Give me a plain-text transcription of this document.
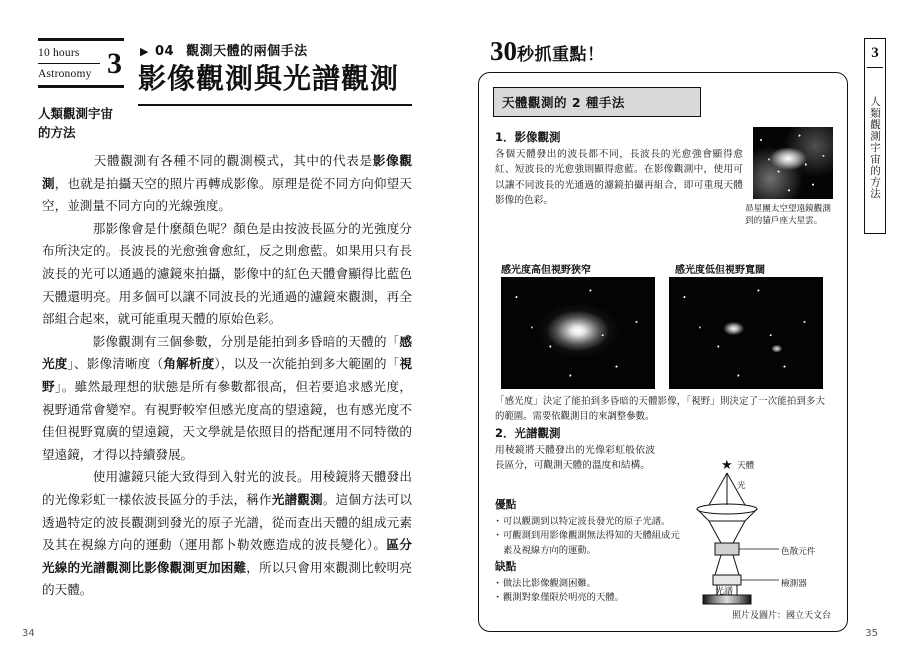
10 hours
Astronomy 3
人類觀測宇宙
的方法
▶ 04 觀測天體的兩個手法
影像觀測與光譜觀測

　　天體觀測有各種不同的觀測模式，其中的代表是影像觀測，也就是拍攝天空的照片再轉成影像。原理是從不同方向仰望天空，並測量不同方向的光線強度。

　　那影像會是什麼顏色呢？顏色是由按波長區分的光強度分布所決定的。長波長的光愈強會愈紅，反之則愈藍。如果用只有長波長的光可以通過的濾鏡來拍攝，影像中的紅色天體會顯得比藍色天體還明亮。用多個可以讓不同波長的光通過的濾鏡來觀測，再全部組合起來，就可能重現天體的原始色彩。

　　影像觀測有三個參數，分別是能拍到多昏暗的天體的「感光度」、影像清晰度（角解析度），以及一次能拍到多大範圍的「視野」。雖然最理想的狀態是所有參數都很高，但若要追求感光度，視野通常會變窄。有視野較窄但感光度高的望遠鏡，也有感光度不佳但視野寬廣的望遠鏡，天文學就是依照目的搭配運用不同特徵的望遠鏡，才得以持續發展。

　　使用濾鏡只能大致得到入射光的波長。用稜鏡將天體發出的光像彩虹一樣依波長區分的手法，稱作光譜觀測。這個方法可以透過特定的波長觀測到發光的原子光譜，從而查出天體的組成元素及其在視線方向的運動（運用都卜勒效應造成的波長變化）。區分光線的光譜觀測比影像觀測更加困難，所以只會用來觀測比較明亮的天體。

34
30秒抓重點！	3
人類觀測宇宙的方法
天體觀測的 2 種手法
1．影像觀測
各個天體發出的波長都不同，長波長的光愈強會顯得愈紅、短波長的光愈強則顯得愈藍。在影像觀測中，使用可以讓不同波長的光通過的濾鏡拍攝再組合，即可重現天體影像的色彩。
昴星團太空望遠鏡觀測到的貓戶座大星雲。
感光度高但視野狹窄	感光度低但視野寬闊
「感光度」決定了能拍到多昏暗的天體影像，「視野」則決定了一次能拍到多大的範圍。需要依觀測目的來調整參數。
2．光譜觀測
用稜鏡將天體發出的光像彩虹般依波長區分，可觀測天體的溫度和結構。
優點
・ 可以觀測到以特定波長發光的原子光譜。
・ 可觀測到用影像觀測無法得知的天體組成元素及視線方向的運動。
缺點
・ 做法比影像觀測困難。
・ 觀測對象僅限於明亮的天體。
★ 天體
光
色散元件
檢測器
光譜
照片及圖片：國立天文台
35
